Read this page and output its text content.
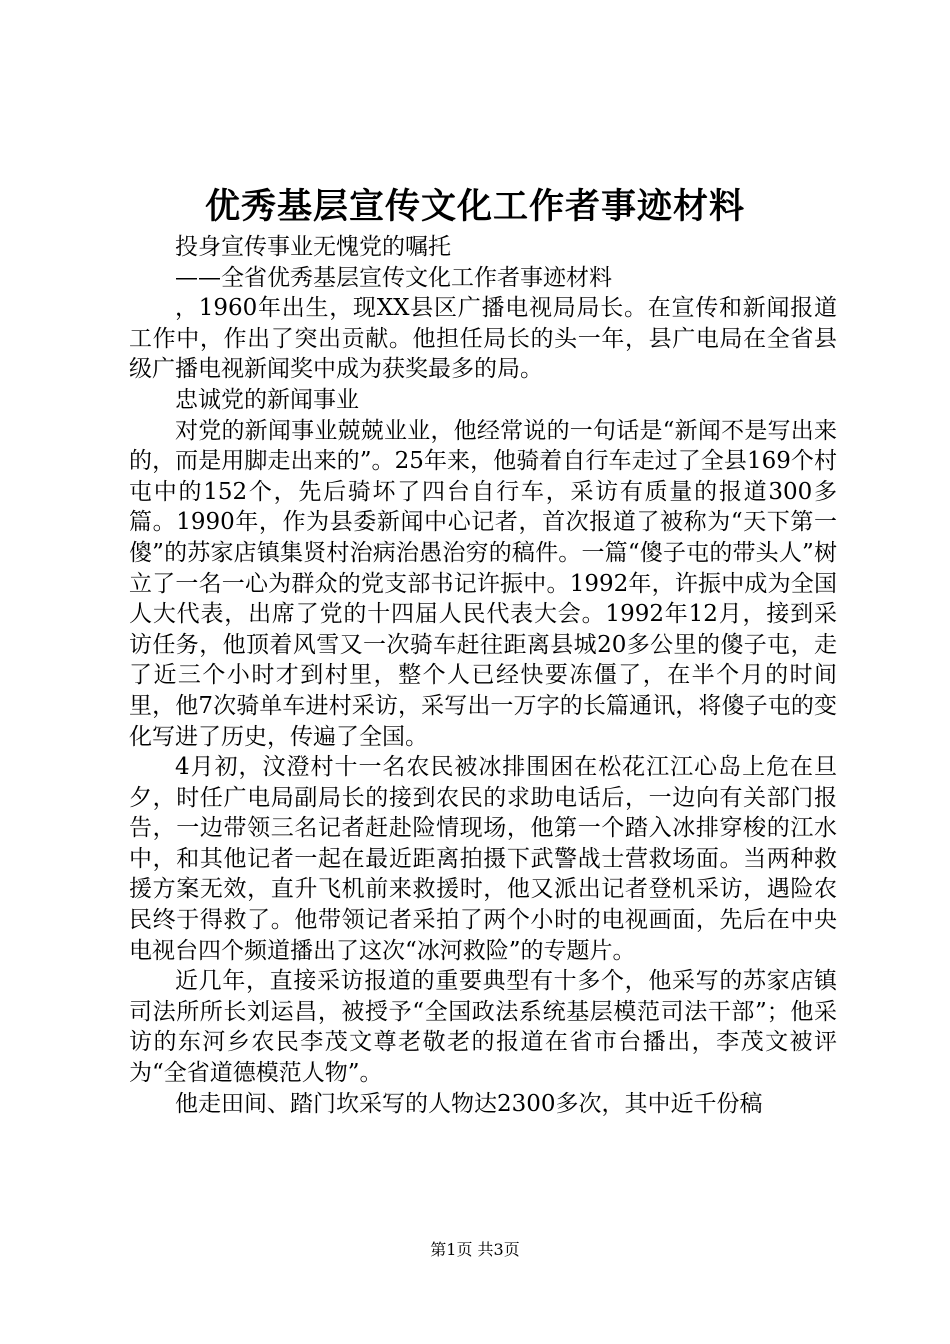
优秀基层宣传文化工作者事迹材料

投身宣传事业无愧党的嘱托

——全省优秀基层宣传文化工作者事迹材料

，1960年出生，现XX县区广播电视局局长。在宣传和新闻报道工作中，作出了突出贡献。他担任局长的头一年，县广电局在全省县级广播电视新闻奖中成为获奖最多的局。

忠诚党的新闻事业

对党的新闻事业兢兢业业，他经常说的一句话是“新闻不是写出来的，而是用脚走出来的”。25年来，他骑着自行车走过了全县169个村屯中的152个，先后骑坏了四台自行车，采访有质量的报道300多篇。1990年，作为县委新闻中心记者，首次报道了被称为“天下第一傻”的苏家店镇集贤村治病治愚治穷的稿件。一篇“傻子屯的带头人”树立了一名一心为群众的党支部书记许振中。1992年，许振中成为全国人大代表，出席了党的十四届人民代表大会。1992年12月，接到采访任务，他顶着风雪又一次骑车赶往距离县城20多公里的傻子屯，走了近三个小时才到村里，整个人已经快要冻僵了，在半个月的时间里，他7次骑单车进村采访，采写出一万字的长篇通讯，将傻子屯的变化写进了历史，传遍了全国。

4月初，汶澄村十一名农民被冰排围困在松花江江心岛上危在旦夕，时任广电局副局长的接到农民的求助电话后，一边向有关部门报告，一边带领三名记者赶赴险情现场，他第一个踏入冰排穿梭的江水中，和其他记者一起在最近距离拍摄下武警战士营救场面。当两种救援方案无效，直升飞机前来救援时，他又派出记者登机采访，遇险农民终于得救了。他带领记者采拍了两个小时的电视画面，先后在中央电视台四个频道播出了这次“冰河救险”的专题片。

近几年，直接采访报道的重要典型有十多个，他采写的苏家店镇司法所所长刘运昌，被授予“全国政法系统基层模范司法干部”；他采访的东河乡农民李茂文尊老敬老的报道在省市台播出，李茂文被评为“全省道德模范人物”。

他走田间、踏门坎采写的人物达2300多次，其中近千份稿

第1页 共3页
